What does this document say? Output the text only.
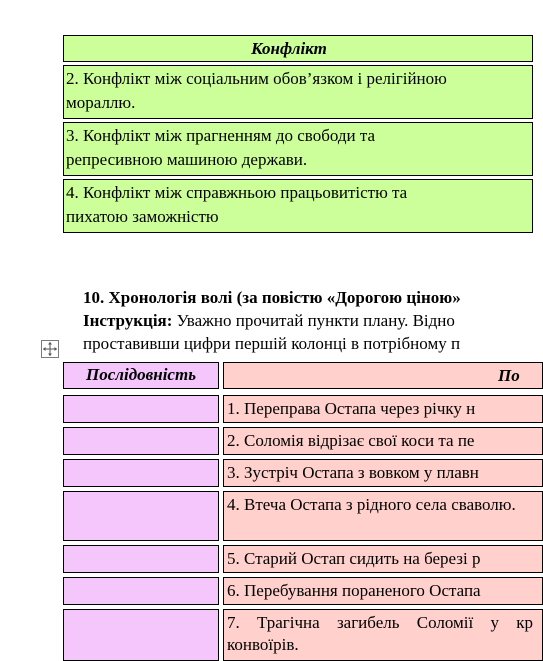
Конфлікт
2. Конфлікт між соціальним обов’язком і релігійною
мораллю.
3. Конфлікт між прагненням до свободи та
репресивною машиною держави.
4. Конфлікт між справжньою працьовитістю та
пихатою заможністю
10. Хронологія волі (за повістю «Дорогою ціною»
Інструкція: Уважно прочитай пункти плану. Відно
проставивши цифри першій колонці в потрібному п
Послідовність	По
1. Переправа Остапа через річку н
2. Соломія відрізає свої коси та пе
3. Зустріч Остапа з вовком у плавн
4. Втеча Остапа з рідного села сваволю.
5. Старий Остап сидить на березі р
6. Перебування пораненого Остапа
7. Трагічна загибель Соломії у кр конвоїрів.
